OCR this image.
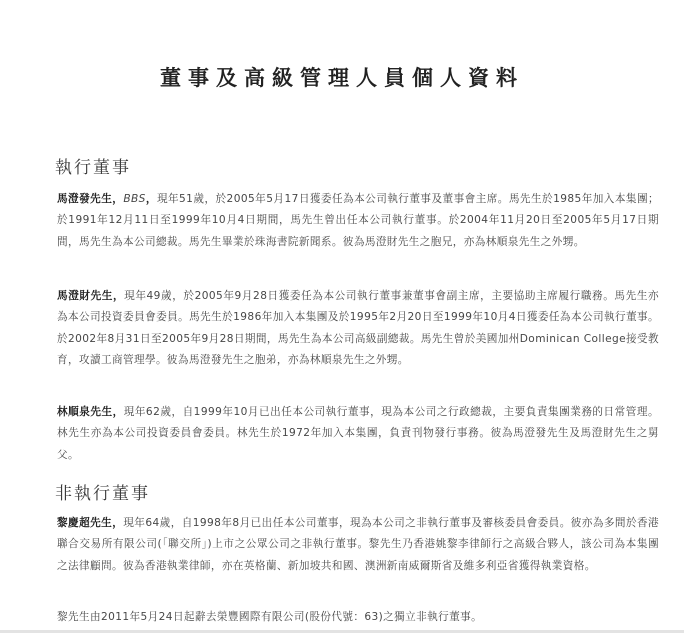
董事及高級管理人員個人資料
執行董事

馬澄發先生，BBS，現年51歲，於2005年5月17日獲委任為本公司執行董事及董事會主席。馬先生於1985年加入本集團；於1991年12月11日至1999年10月4日期間，馬先生曾出任本公司執行董事。於2004年11月20日至2005年5月17日期間，馬先生為本公司總裁。馬先生畢業於珠海書院新聞系。彼為馬澄財先生之胞兄，亦為林順泉先生之外甥。

馬澄財先生，現年49歲，於2005年9月28日獲委任為本公司執行董事兼董事會副主席，主要協助主席履行職務。馬先生亦為本公司投資委員會委員。馬先生於1986年加入本集團及於1995年2月20日至1999年10月4日獲委任為本公司執行董事。於2002年8月31日至2005年9月28日期間，馬先生為本公司高級副總裁。馬先生曾於美國加州Dominican College接受教育，攻讀工商管理學。彼為馬澄發先生之胞弟，亦為林順泉先生之外甥。

林順泉先生，現年62歲，自1999年10月已出任本公司執行董事，現為本公司之行政總裁，主要負責集團業務的日常管理。林先生亦為本公司投資委員會委員。林先生於1972年加入本集團，負責刊物發行事務。彼為馬澄發先生及馬澄財先生之舅父。

非執行董事

黎慶超先生，現年64歲，自1998年8月已出任本公司董事，現為本公司之非執行董事及審核委員會委員。彼亦為多間於香港聯合交易所有限公司(「聯交所」)上市之公眾公司之非執行董事。黎先生乃香港姚黎李律師行之高級合夥人，該公司為本集團之法律顧問。彼為香港執業律師，亦在英格蘭、新加坡共和國、澳洲新南威爾斯省及維多利亞省獲得執業資格。

黎先生由2011年5月24日起辭去榮豐國際有限公司(股份代號：63)之獨立非執行董事。
